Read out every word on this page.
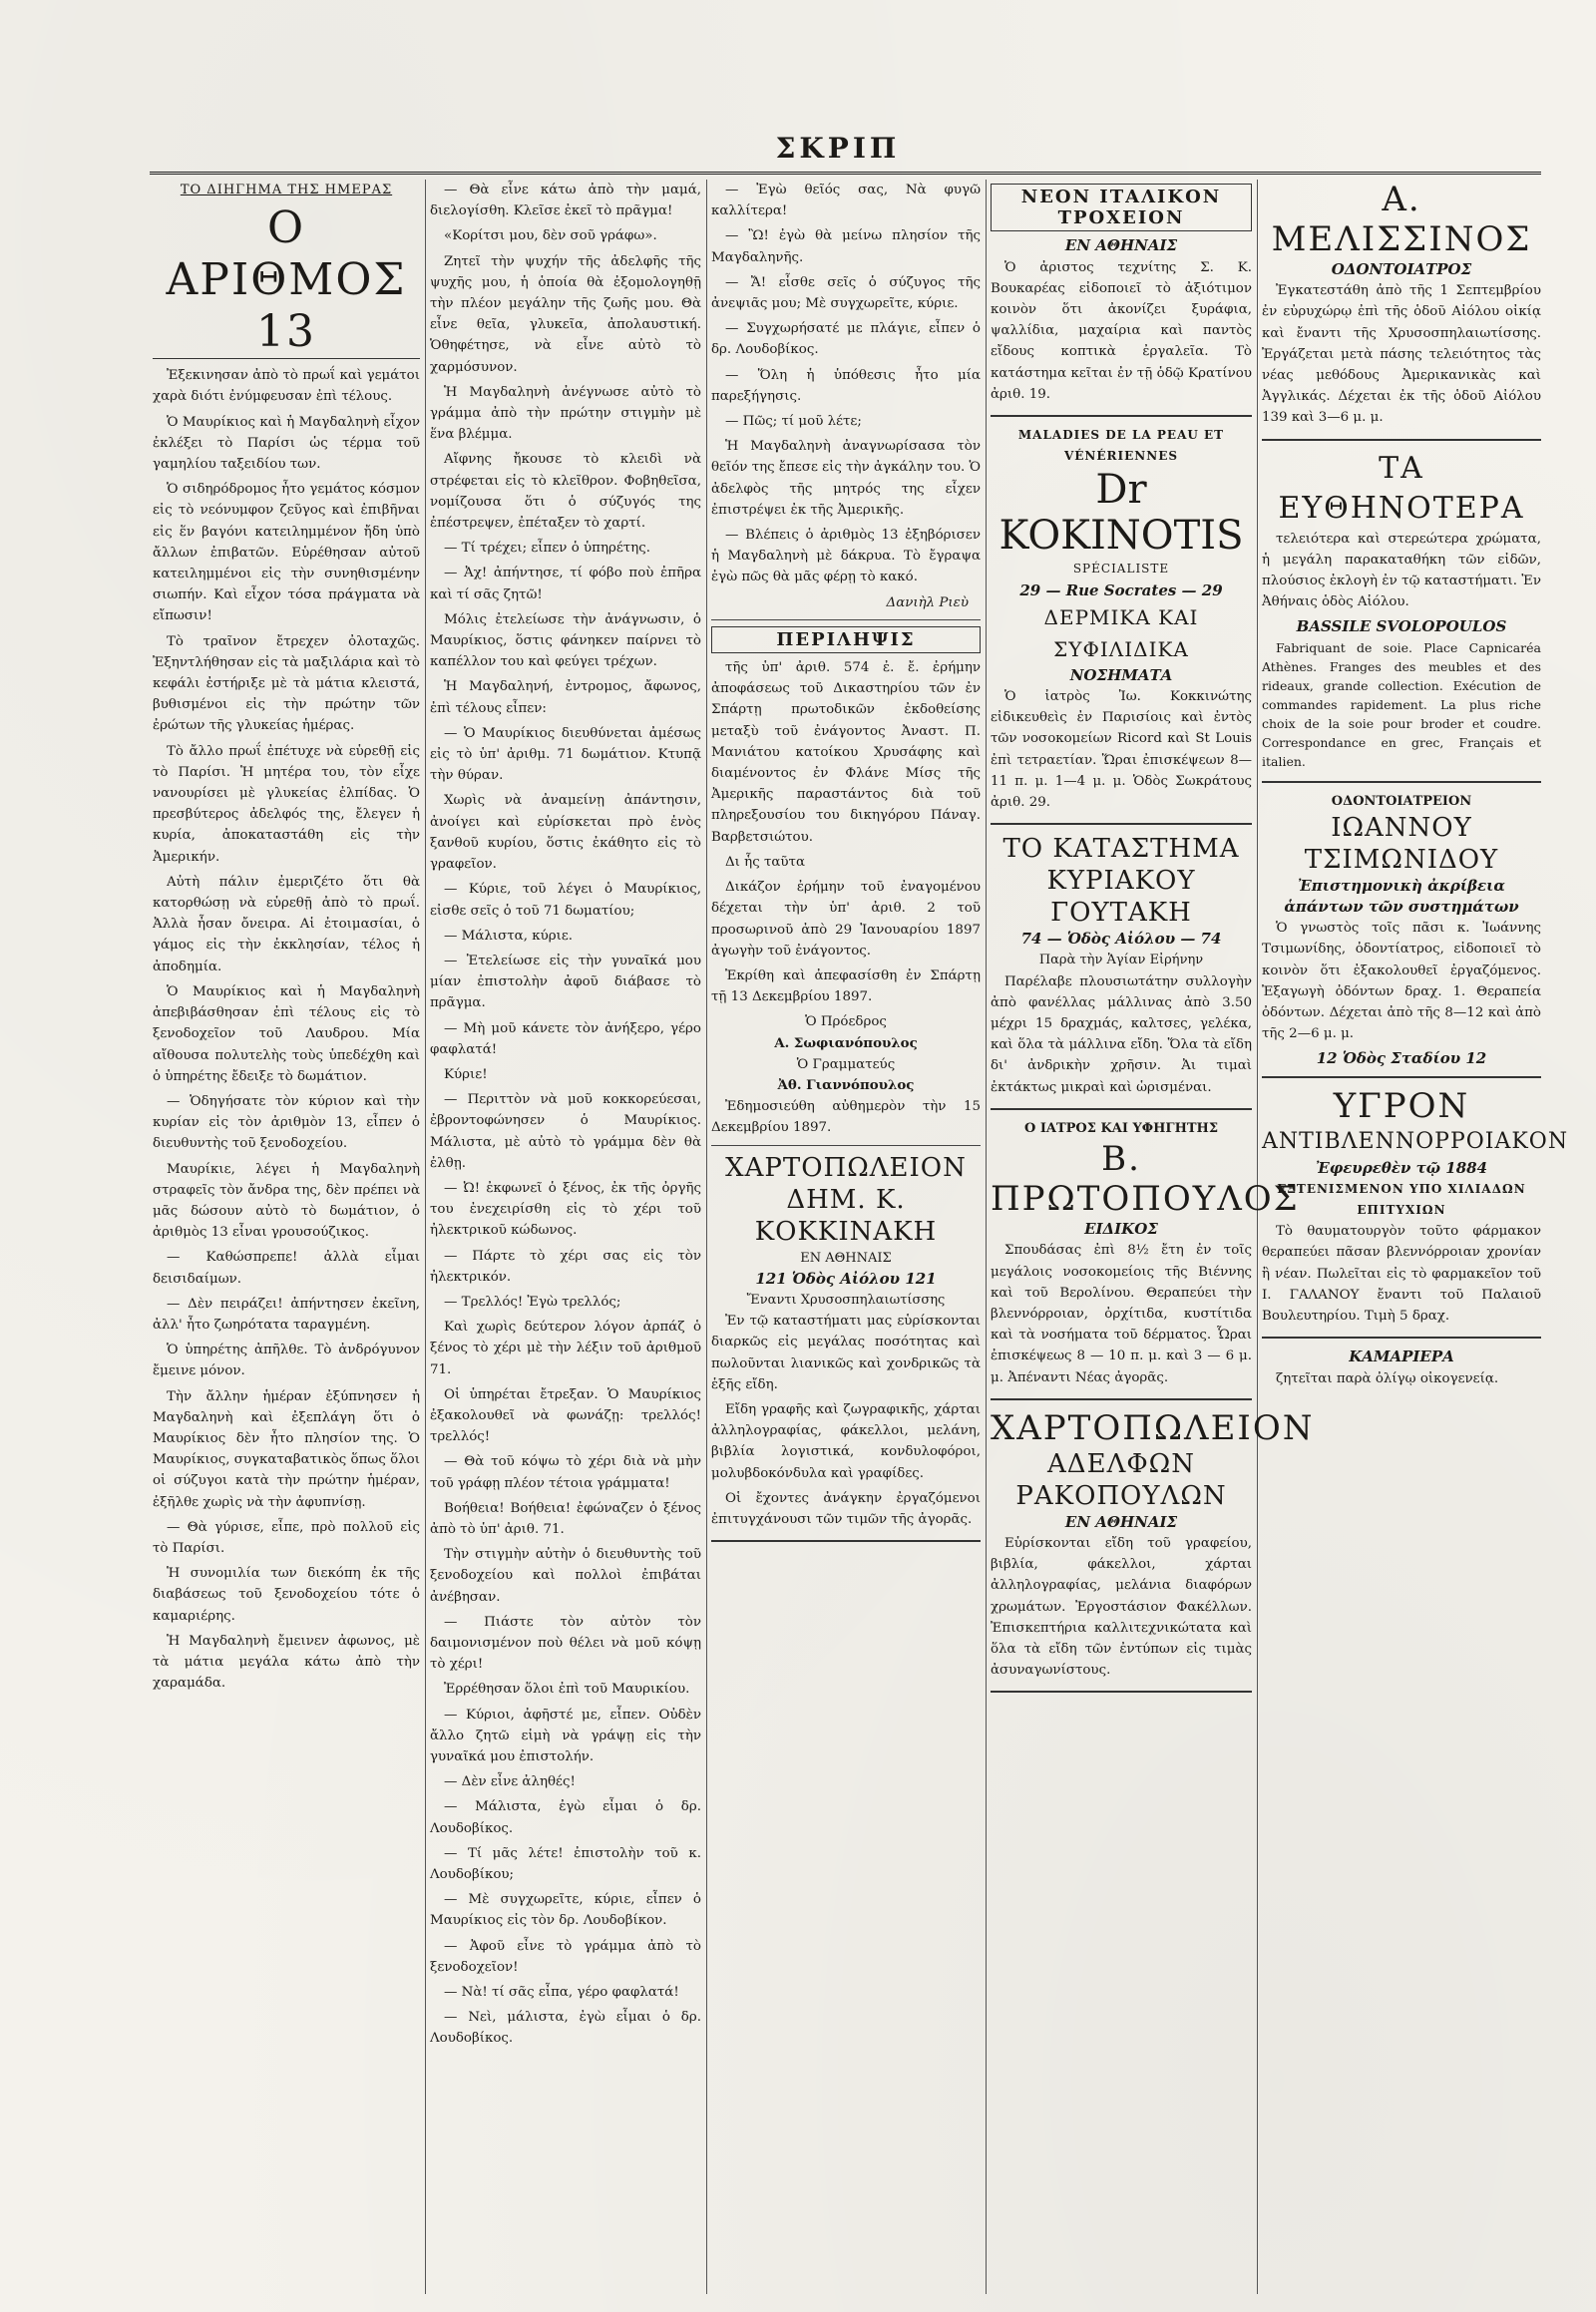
ΣΚΡΙΠ
ΤΟ ΔΙΗΓΗΜΑ ΤΗΣ ΗΜΕΡΑΣ
Ο ΑΡΙΘΜΟΣ 13

Ἐξεκινησαν ἀπὸ τὸ πρωΐ καὶ γεμάτοι χαρὰ διότι ἐνύμφευσαν ἐπὶ τέλους.

Ὁ Μαυρίκιος καὶ ἡ Μαγδαληνὴ εἶχον ἐκλέξει τὸ Παρίσι ὡς τέρμα τοῦ γαμηλίου ταξειδίου των.

Ὁ σιδηρόδρομος ἦτο γεμάτος κόσμον εἰς τὸ νεόνυμφον ζεῦγος καὶ ἐπιβῆναι εἰς ἕν βαγόνι κατειλημμένον ἤδη ὑπὸ ἄλλων ἐπιβατῶν. Εὑρέθησαν αὐτοῦ κατειλημμένοι εἰς τὴν συνηθισμένην σιωπήν. Καὶ εἶχον τόσα πράγματα νὰ εἴπωσιν!

Τὸ τραῖνον ἔτρεχεν ὀλοταχῶς. Ἐξηντλήθησαν εἰς τὰ μαξιλάρια καὶ τὸ κεφάλι ἐστήριξε μὲ τὰ μάτια κλειστά, βυθισμένοι εἰς τὴν πρώτην τῶν ἐρώτων τῆς γλυκείας ἡμέρας.

Τὸ ἄλλο πρωΐ ἐπέτυχε νὰ εὑρεθῇ εἰς τὸ Παρίσι. Ἡ μητέρα του, τὸν εἶχε νανουρίσει μὲ γλυκείας ἐλπίδας. Ὁ πρεσβύτερος ἀδελφός της, ἔλεγεν ἡ κυρία, ἀποκαταστάθη εἰς τὴν Ἀμερικήν.

Αὐτὴ πάλιν ἐμεριζέτο ὅτι θὰ κατορθώσῃ νὰ εὑρεθῇ ἀπὸ τὸ πρωΐ. Ἀλλὰ ἦσαν ὄνειρα. Αἱ ἐτοιμασίαι, ὁ γάμος εἰς τὴν ἐκκλησίαν, τέλος ἡ ἀποδημία.

Ὁ Μαυρίκιος καὶ ἡ Μαγδαληνὴ ἀπεβιβάσθησαν ἐπὶ τέλους εἰς τὸ ξενοδοχεῖον τοῦ Λαυδρου. Μία αἴθουσα πολυτελὴς τοὺς ὑπεδέχθη καὶ ὁ ὑπηρέτης ἔδειξε τὸ δωμάτιον.

— Ὁδηγήσατε τὸν κύριον καὶ τὴν κυρίαν εἰς τὸν ἀριθμὸν 13, εἶπεν ὁ διευθυντὴς τοῦ ξενοδοχείου.

Μαυρίκιε, λέγει ἡ Μαγδαληνὴ στραφεῖς τὸν ἄνδρα της, δὲν πρέπει νὰ μᾶς δώσουν αὐτὸ τὸ δωμάτιον, ὁ ἀριθμὸς 13 εἶναι γρουσούζικος.

— Καθώσπρεπε! ἀλλὰ εἶμαι δεισιδαίμων.

— Δὲν πειράζει! ἀπήντησεν ἐκεῖνη, ἀλλ' ἦτο ζωηρότατα ταραγμένη.

Ὁ ὑπηρέτης ἀπῆλθε. Τὸ ἀνδρόγυνον ἔμεινε μόνον.

Τὴν ἄλλην ἡμέραν ἐξύπνησεν ἡ Μαγδαληνὴ καὶ ἐξεπλάγη ὅτι ὁ Μαυρίκιος δὲν ἦτο πλησίον της. Ὁ Μαυρίκιος, συγκαταβατικὸς ὅπως ὅλοι οἱ σύζυγοι κατὰ τὴν πρώτην ἡμέραν, ἐξῆλθε χωρὶς νὰ τὴν ἀφυπνίσῃ.

— Θὰ γύρισε, εἶπε, πρὸ πολλοῦ εἰς τὸ Παρίσι.

Ἡ συνομιλία των διεκόπη ἐκ τῆς διαβάσεως τοῦ ξενοδοχείου τότε ὁ καμαριέρης.

Ἡ Μαγδαληνὴ ἔμεινεν ἀφωνος, μὲ τὰ μάτια μεγάλα κάτω ἀπὸ τὴν χαραμάδα.

— Θὰ εἶνε κάτω ἀπὸ τὴν μαμά, διελογίσθη. Κλεῖσε ἐκεῖ τὸ πρᾶγμα!

«Κορίτσι μου, δὲν σοῦ γράφω».

Ζητεῖ τὴν ψυχήν τῆς ἀδελφῆς τῆς ψυχῆς μου, ἡ ὁποία θὰ ἐξομολογηθῇ τὴν πλέον μεγάλην τῆς ζωῆς μου. Θὰ εἶνε θεῖα, γλυκεῖα, ἀπολαυστική. Ὁθηφέτησε, νὰ εἶνε αὐτὸ τὸ χαρμόσυνον.

Ἡ Μαγδαληνὴ ἀνέγνωσε αὐτὸ τὸ γράμμα ἀπὸ τὴν πρώτην στιγμὴν μὲ ἕνα βλέμμα.

Αἴφνης ἤκουσε τὸ κλειδὶ νὰ στρέφεται εἰς τὸ κλεῖθρον. Φοβηθεῖσα, νομίζουσα ὅτι ὁ σύζυγός της ἐπέστρεψεν, ἐπέταξεν τὸ χαρτί.

— Τί τρέχει; εἶπεν ὁ ὑπηρέτης.

— Ἀχ! ἀπήντησε, τί φόβο ποὺ ἐπῆρα καὶ τί σᾶς ζητῶ!

Μόλις ἐτελείωσε τὴν ἀνάγνωσιν, ὁ Μαυρίκιος, ὅστις φάνηκεν παίρνει τὸ καπέλλον του καὶ φεύγει τρέχων.

Ἡ Μαγδαληνή, ἐντρομος, ἄφωνος, ἐπὶ τέλους εἶπεν:

— Ὁ Μαυρίκιος διευθύνεται ἀμέσως εἰς τὸ ὑπ' ἀριθμ. 71 δωμάτιον. Κτυπᾷ τὴν θύραν.

Χωρὶς νὰ ἀναμείνῃ ἀπάντησιν, ἀνοίγει καὶ εὑρίσκεται πρὸ ἑνὸς ξανθοῦ κυρίου, ὅστις ἐκάθητο εἰς τὸ γραφεῖον.

— Κύριε, τοῦ λέγει ὁ Μαυρίκιος, εἰσθε σεῖς ὁ τοῦ 71 δωματίου;

— Μάλιστα, κύριε.

— Ἐτελείωσε εἰς τὴν γυναῖκά μου μίαν ἐπιστολὴν ἀφοῦ διάβασε τὸ πρᾶγμα.

— Μὴ μοῦ κάνετε τὸν ἀνήξερο, γέρο φαφλατά!

Κύριε!

— Περιττὸν νὰ μοῦ κοκκορεύεσαι, ἐβροντοφώνησεν ὁ Μαυρίκιος. Μάλιστα, μὲ αὐτὸ τὸ γράμμα δὲν θὰ ἐλθῃ.

— Ὠ! ἐκφωνεῖ ὁ ξένος, ἐκ τῆς ὀργῆς του ἐνεχειρίσθη εἰς τὸ χέρι τοῦ ἠλεκτρικοῦ κώδωνος.

— Πάρτε τὸ χέρι σας εἰς τὸν ἠλεκτρικόν.

— Τρελλός! Ἐγὼ τρελλός;

Καὶ χωρὶς δεύτερον λόγον ἀρπάζ ὁ ξένος τὸ χέρι μὲ τὴν λέξιν τοῦ ἀριθμοῦ 71.

Οἱ ὑπηρέται ἔτρεξαν. Ὁ Μαυρίκιος ἐξακολουθεῖ νὰ φωνάζῃ: τρελλός! τρελλός!

— Θὰ τοῦ κόψω τὸ χέρι διὰ νὰ μὴν τοῦ γράφῃ πλέον τέτοια γράμματα!

Βοήθεια! Βοήθεια! ἐφώναζεν ὁ ξένος ἀπὸ τὸ ὑπ' ἀριθ. 71.

Τὴν στιγμὴν αὐτὴν ὁ διευθυντὴς τοῦ ξενοδοχείου καὶ πολλοὶ ἐπιβάται ἀνέβησαν.

— Πιάστε τὸν αὐτὸν τὸν δαιμονισμένον ποὺ θέλει νὰ μοῦ κόψῃ τὸ χέρι!

Ἐρρέθησαν ὅλοι ἐπὶ τοῦ Μαυρικίου.

— Κύριοι, ἀφῆστέ με, εἶπεν. Οὐδὲν ἄλλο ζητῶ εἰμὴ νὰ γράψῃ εἰς τὴν γυναῖκά μου ἐπιστολήν.

— Δὲν εἶνε ἀληθές!

— Μάλιστα, ἐγὼ εἶμαι ὁ δρ. Λουδοβίκος.

— Τί μᾶς λέτε! ἐπιστολὴν τοῦ κ. Λουδοβίκου;

— Μὲ συγχωρεῖτε, κύριε, εἶπεν ὁ Μαυρίκιος εἰς τὸν δρ. Λουδοβίκον.

— Ἀφοῦ εἶνε τὸ γράμμα ἀπὸ τὸ ξενοδοχεῖον!

— Νὰ! τί σᾶς εἶπα, γέρο φαφλατά!

— Νεὶ, μάλιστα, ἐγὼ εἶμαι ὁ δρ. Λουδοβίκος.

— Ἐγὼ θεῖός σας, Νὰ φυγῶ καλλίτερα!

— Ὢ! ἐγὼ θὰ μείνω πλησίον τῆς Μαγδαληνῆς.

— Ἄ! εἶσθε σεῖς ὁ σύζυγος τῆς ἀνεψιᾶς μου; Μὲ συγχωρεῖτε, κύριε.

— Συγχωρήσατέ με πλάγιε, εἶπεν ὁ δρ. Λουδοβίκος.

— Ὅλη ἡ ὑπόθεσις ἦτο μία παρεξήγησις.

— Πῶς; τί μοῦ λέτε;

Ἡ Μαγδαληνὴ ἀναγνωρίσασα τὸν θεῖόν της ἔπεσε εἰς τὴν ἀγκάλην του. Ὁ ἀδελφὸς τῆς μητρός της εἶχεν ἐπιστρέψει ἐκ τῆς Ἀμερικῆς.

— Βλέπεις ὁ ἀριθμὸς 13 ἐξηβόρισεν ἡ Μαγδαληνὴ μὲ δάκρυα. Τὸ ἔγραψα ἐγὼ πῶς θὰ μᾶς φέρῃ τὸ κακό.

Δανιὴλ Ριεὺ
ΠΕΡΙΛΗΨΙΣ

τῆς ὑπ' ἀριθ. 574 ἐ. ἔ. ἐρήμην ἀποφάσεως τοῦ Δικαστηρίου τῶν ἐν Σπάρτῃ πρωτοδικῶν ἐκδοθείσης μεταξὺ τοῦ ἐνάγοντος Ἀναστ. Π. Μανιάτου κατοίκου Χρυσάφης καὶ διαμένοντος ἐν Φλάνε Μίσς τῆς Ἀμερικῆς παραστάντος διὰ τοῦ πληρεξουσίου του δικηγόρου Πάναγ. Βαρβετσιώτου.

Δι ἧς ταῦτα

Δικάζον ἐρήμην τοῦ ἐναγομένου δέχεται τὴν ὑπ' ἀριθ. 2 τοῦ προσωρινοῦ ἀπὸ 29 Ἰανουαρίου 1897 ἀγωγὴν τοῦ ἐνάγοντος.

Ἐκρίθη καὶ ἀπεφασίσθη ἐν Σπάρτῃ τῇ 13 Δεκεμβρίου 1897.

Ὁ Πρόεδρος
Α. Σωφιανόπουλος
Ὁ Γραμματεύς
Ἀθ. Γιαννόπουλος

Ἐδημοσιεύθη αὐθημερὸν τὴν 15 Δεκεμβρίου 1897.

ΧΑΡΤΟΠΩΛΕΙΟΝ
ΔΗΜ. Κ. ΚΟΚΚΙΝΑΚΗ
ΕΝ ΑΘΗΝΑΙΣ
121 Ὁδὸς Αἰόλου 121
Ἔναντι Χρυσοσπηλαιωτίσσης

Ἐν τῷ καταστήματι μας εὑρίσκονται διαρκῶς εἰς μεγάλας ποσότητας καὶ πωλοῦνται λιανικῶς καὶ χονδρικῶς τὰ ἑξῆς εἴδη.

Εἴδη γραφῆς καὶ ζωγραφικῆς, χάρται ἀλληλογραφίας, φάκελλοι, μελάνη, βιβλία λογιστικά, κονδυλοφόροι, μολυβδοκόνδυλα καὶ γραφίδες.

Οἱ ἔχοντες ἀνάγκην ἐργαζόμενοι ἐπιτυγχάνουσι τῶν τιμῶν τῆς ἀγορᾶς.

ΝΕΟΝ ΙΤΑΛΙΚΟΝ ΤΡΟΧΕΙΟΝ
ΕΝ ΑΘΗΝΑΙΣ

Ὁ ἀριστος τεχνίτης Σ. Κ. Βουκαρέας εἰδοποιεῖ τὸ ἀξιότιμον κοινὸν ὅτι ἀκονίζει ξυράφια, ψαλλίδια, μαχαίρια καὶ παντὸς εἴδους κοπτικὰ ἐργαλεῖα. Τὸ κατάστημα κεῖται ἐν τῇ ὁδῷ Κρατίνου ἀριθ. 19.

MALADIES DE LA PEAU ET VÉNÉRIENNES
Dr KOKINOTIS
SPÉCIALISTE
29 — Rue Socrates — 29
ΔΕΡΜΙΚΑ ΚΑΙ ΣΥΦΙΛΙΔΙΚΑ
ΝΟΣΗΜΑΤΑ

Ὁ ἰατρὸς Ἰω. Κοκκινώτης εἰδικευθεὶς ἐν Παρισίοις καὶ ἐντὸς τῶν νοσοκομείων Ricord καὶ St Louis ἐπὶ τετραετίαν. Ὥραι ἐπισκέψεων 8—11 π. μ. 1—4 μ. μ. Ὁδὸς Σωκράτους ἀριθ. 29.

ΤΟ ΚΑΤΑΣΤΗΜΑ
ΚΥΡΙΑΚΟΥ ΓΟΥΤΑΚΗ
74 — Ὁδὸς Αἰόλου — 74
Παρὰ τὴν Ἁγίαν Εἰρήνην

Παρέλαβε πλουσιωτάτην συλλογὴν ἀπὸ φανέλλας μάλλινας ἀπὸ 3.50 μέχρι 15 δραχμάς, καλτσες, γελέκα, καὶ ὅλα τὰ μάλλινα εἴδη. Ὅλα τὰ εἴδη δι' ἀνδρικὴν χρῆσιν. Ἀι τιμαὶ ἐκτάκτως μικραὶ καὶ ὡρισμέναι.

Ο ΙΑΤΡΟΣ ΚΑΙ ΥΦΗΓΗΤΗΣ
Β. ΠΡΩΤΟΠΟΥΛΟΣ
ΕΙΔΙΚΟΣ

Σπουδάσας ἐπὶ 8½ ἔτη ἐν τοῖς μεγάλοις νοσοκομείοις τῆς Βιέννης καὶ τοῦ Βερολίνου. Θεραπεύει τὴν βλεννόρροιαν, ὀρχίτιδα, κυστίτιδα καὶ τὰ νοσήματα τοῦ δέρματος. Ὧραι ἐπισκέψεως 8 — 10 π. μ. καὶ 3 — 6 μ. μ. Ἀπέναντι Νέας ἀγορᾶς.

ΧΑΡΤΟΠΩΛΕΙΟΝ
ΑΔΕΛΦΩΝ ΡΑΚΟΠΟΥΛΩΝ
ΕΝ ΑΘΗΝΑΙΣ

Εὑρίσκονται εἴδη τοῦ γραφείου, βιβλία, φάκελλοι, χάρται ἀλληλογραφίας, μελάνια διαφόρων χρωμάτων. Ἐργοστάσιον Φακέλλων. Ἐπισκεπτήρια καλλιτεχνικώτατα καὶ ὅλα τὰ εἴδη τῶν ἐντύπων εἰς τιμὰς ἀσυναγωνίστους.

Α. ΜΕΛΙΣΣΙΝΟΣ
ΟΔΟΝΤΟΙΑΤΡΟΣ

Ἐγκατεστάθη ἀπὸ τῆς 1 Σεπτεμβρίου ἐν εὐρυχώρῳ ἐπὶ τῆς ὁδοῦ Αἰόλου οἰκίᾳ καὶ ἔναντι τῆς Χρυσοσπηλαιωτίσσης. Ἐργάζεται μετὰ πάσης τελειότητος τὰς νέας μεθόδους Ἀμερικανικὰς καὶ Ἀγγλικάς. Δέχεται ἐκ τῆς ὁδοῦ Αἰόλου 139 καὶ 3—6 μ. μ.

ΤΑ ΕΥΘΗΝΟΤΕΡΑ

τελειότερα καὶ στερεώτερα χρώματα, ἡ μεγάλη παρακαταθήκη τῶν εἰδῶν, πλούσιος ἐκλογὴ ἐν τῷ καταστήματι. Ἐν Ἀθήναις ὁδὸς Αἰόλου.

BASSILE SVOLOPOULOS

Fabriquant de soie. Place Capnicaréa Athènes. Franges des meubles et des rideaux, grande collection. Exécution de commandes rapidement. La plus riche choix de la soie pour broder et coudre. Correspondance en grec, Français et italien.

ΟΔΟΝΤΟΙΑΤΡΕΙΟΝ
ΙΩΑΝΝΟΥ ΤΣΙΜΩΝΙΔΟΥ
Ἐπιστημονικὴ ἀκρίβεια ἁπάντων τῶν συστημάτων

Ὁ γνωστὸς τοῖς πᾶσι κ. Ἰωάννης Τσιμωνίδης, ὀδοντίατρος, εἰδοποιεῖ τὸ κοινὸν ὅτι ἐξακολουθεῖ ἐργαζόμενος. Ἐξαγωγὴ ὀδόντων δραχ. 1. Θεραπεία ὀδόντων. Δέχεται ἀπὸ τῆς 8—12 καὶ ἀπὸ τῆς 2—6 μ. μ.

12 Ὁδὸς Σταδίου 12
ΥΓΡΟΝ
ΑΝΤΙΒΛΕΝΝΟΡΡΟΙΑΚΟΝ
Ἐφευρεθὲν τῷ 1884
ΕΞΤΕΝΙΣΜΕΝΟΝ ΥΠΟ ΧΙΛΙΑΔΩΝ ΕΠΙΤΥΧΙΩΝ

Τὸ θαυματουργὸν τοῦτο φάρμακον θεραπεύει πᾶσαν βλεννόρροιαν χρονίαν ἢ νέαν. Πωλεῖται εἰς τὸ φαρμακεῖον τοῦ Ι. ΓΑΛΑΝΟΥ ἔναντι τοῦ Παλαιοῦ Βουλευτηρίου. Τιμὴ 5 δραχ.

ΚΑΜΑΡΙΕΡΑ

ζητεῖται παρὰ ὀλίγῳ οἰκογενείᾳ.
